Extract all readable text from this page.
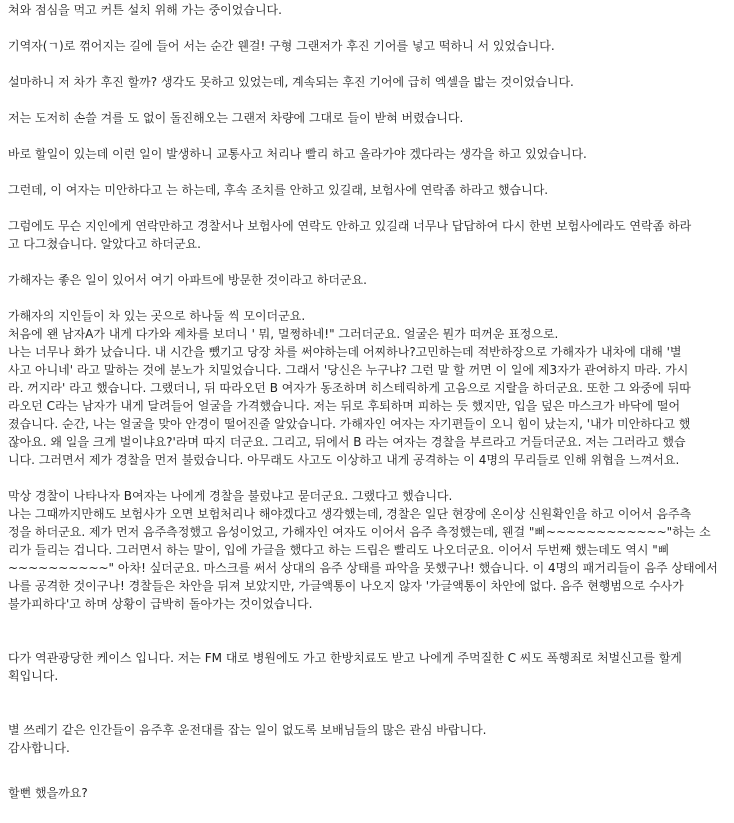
쳐와 점심을 먹고 커튼 설치 위해 가는 중이었습니다.
기역자(ㄱ)로 꺾어지는 길에 들어 서는 순간 웬걸! 구형 그랜저가 후진 기어를 넣고 떡하니 서 있었습니다.
설마하니 저 차가 후진 할까? 생각도 못하고 있었는데, 계속되는 후진 기어에 급히 엑셀을 밟는 것이었습니다.
저는 도저히 손쓸 겨를 도 없이 돌진해오는 그랜저 차량에 그대로 들이 받혀 버렸습니다.
바로 할일이 있는데 이런 일이 발생하니 교통사고 처리나 빨리 하고 올라가야 겠다라는 생각을 하고 있었습니다.
그런데, 이 여자는 미안하다고 는 하는데, 후속 조치를 안하고 있길래, 보험사에 연락좀 하라고 했습니다.
그럼에도 무슨 지인에게 연락만하고 경찰서나 보험사에 연락도 안하고 있길래 너무나 답답하여 다시 한번 보험사에라도 연락좀 하라
고 다그쳤습니다. 알았다고 하더군요.
가해자는 좋은 일이 있어서 여기 아파트에 방문한 것이라고 하더군요.
가해자의 지인들이 차 있는 곳으로 하나둘 씩 모이더군요.
처음에 왠 남자A가 내게 다가와 제차를 보더니 ' 뭐, 멀쩡하네!" 그러더군요. 얼굴은 뭔가 떠꺼운 표정으로.
나는 너무나 화가 났습니다. 내 시간을 뺐기고 당장 차를 써야하는데 어찌하나?고민하는데 적반하장으로 가해자가 내차에 대해 '별
사고 아니네' 라고 말하는 것에 분노가 치밀었습니다. 그래서 '당신은 누구냐? 그런 말 할 꺼면 이 일에 제3자가 관여하지 마라. 가시
라. 꺼지라' 라고 했습니다. 그랬더니, 뒤 따라오던 B 여자가 동조하며 히스테릭하게 고음으로 지랄을 하더군요. 또한 그 와중에 뒤따
라오던 C라는 남자가 내게 달려들어 얼굴을 가격했습니다. 저는 뒤로 후퇴하며 피하는 듯 했지만, 입을 덮은 마스크가 바닥에 떨어
졌습니다. 순간, 나는 얼굴을 맞아 안경이 떨어진줄 알았습니다. 가해자인 여자는 자기편들이 오니 힘이 났는지, '내가 미안하다고 했
잖아요. 왜 일을 크게 벌이냐요?'라며 따지 더군요. 그리고, 뒤에서 B 라는 여자는 경찰을 부르라고 거들더군요. 저는 그러라고 했습
니다. 그러면서 제가 경찰을 먼저 불렀습니다. 아무래도 사고도 이상하고 내게 공격하는 이 4명의 무리들로 인해 위협을 느껴서요.
막상 경찰이 나타나자 B여자는 나에게 경찰을 불렀냐고 묻더군요. 그랬다고 했습니다.
나는 그때까지만해도 보험사가 오면 보험처리나 해야겠다고 생각했는데, 경찰은 일단 현장에 온이상 신원확인을 하고 이어서 음주측
정을 하더군요. 제가 먼저 음주측정했고 음성이었고, 가해자인 여자도 이어서 음주 측정했는데, 웬걸 "삐~~~~~~~~~~~~"하는 소
리가 들리는 겁니다. 그러면서 하는 말이, 입에 가글을 했다고 하는 드립은 빨리도 나오더군요. 이어서 두번째 했는데도 역시 "삐
~~~~~~~~~~" 아차! 싶더군요. 마스크를 써서 상대의 음주 상태를 파악을 못했구나! 했습니다. 이 4명의 패거리들이 음주 상태에서
나를 공격한 것이구나! 경찰들은 차안을 뒤져 보았지만, 가글액통이 나오지 않자 '가글액통이 차안에 없다. 음주 현행범으로 수사가
불가피하다'고 하며 상황이 급박히 돌아가는 것이었습니다.
다가 역관광당한 케이스 입니다. 저는 FM 대로 병원에도 가고 한방치료도 받고 나에게 주먹질한 C 씨도 폭행죄로 처벌신고를 할게
획입니다.
별 쓰레기 같은 인간들이 음주후 운전대를 잡는 일이 없도록 보배님들의 많은 관심 바랍니다.
감사합니다.
할뻔 했을까요?
